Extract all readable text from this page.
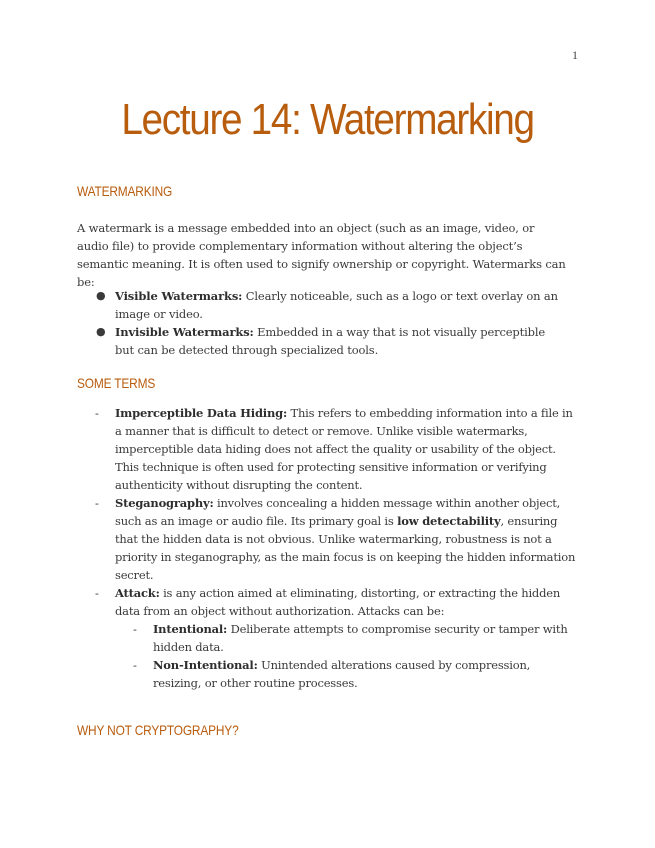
1
Lecture 14: Watermarking
WATERMARKING

A watermark is a message embedded into an object (such as an image, video, or audio file) to provide complementary information without altering the object’s semantic meaning. It is often used to signify ownership or copyright. Watermarks can be:

● Visible Watermarks: Clearly noticeable, such as a logo or text overlay on an image or video.
● Invisible Watermarks: Embedded in a way that is not visually perceptible but can be detected through specialized tools.
SOME TERMS
- Imperceptible Data Hiding: This refers to embedding information into a file in a manner that is difficult to detect or remove. Unlike visible watermarks, imperceptible data hiding does not affect the quality or usability of the object. This technique is often used for protecting sensitive information or verifying authenticity without disrupting the content.
- Steganography: involves concealing a hidden message within another object, such as an image or audio file. Its primary goal is low detectability, ensuring that the hidden data is not obvious. Unlike watermarking, robustness is not a priority in steganography, as the main focus is on keeping the hidden information secret.
- Attack: is any action aimed at eliminating, distorting, or extracting the hidden data from an object without authorization. Attacks can be:
- Intentional: Deliberate attempts to compromise security or tamper with hidden data.
- Non-Intentional: Unintended alterations caused by compression, resizing, or other routine processes.
WHY NOT CRYPTOGRAPHY?
